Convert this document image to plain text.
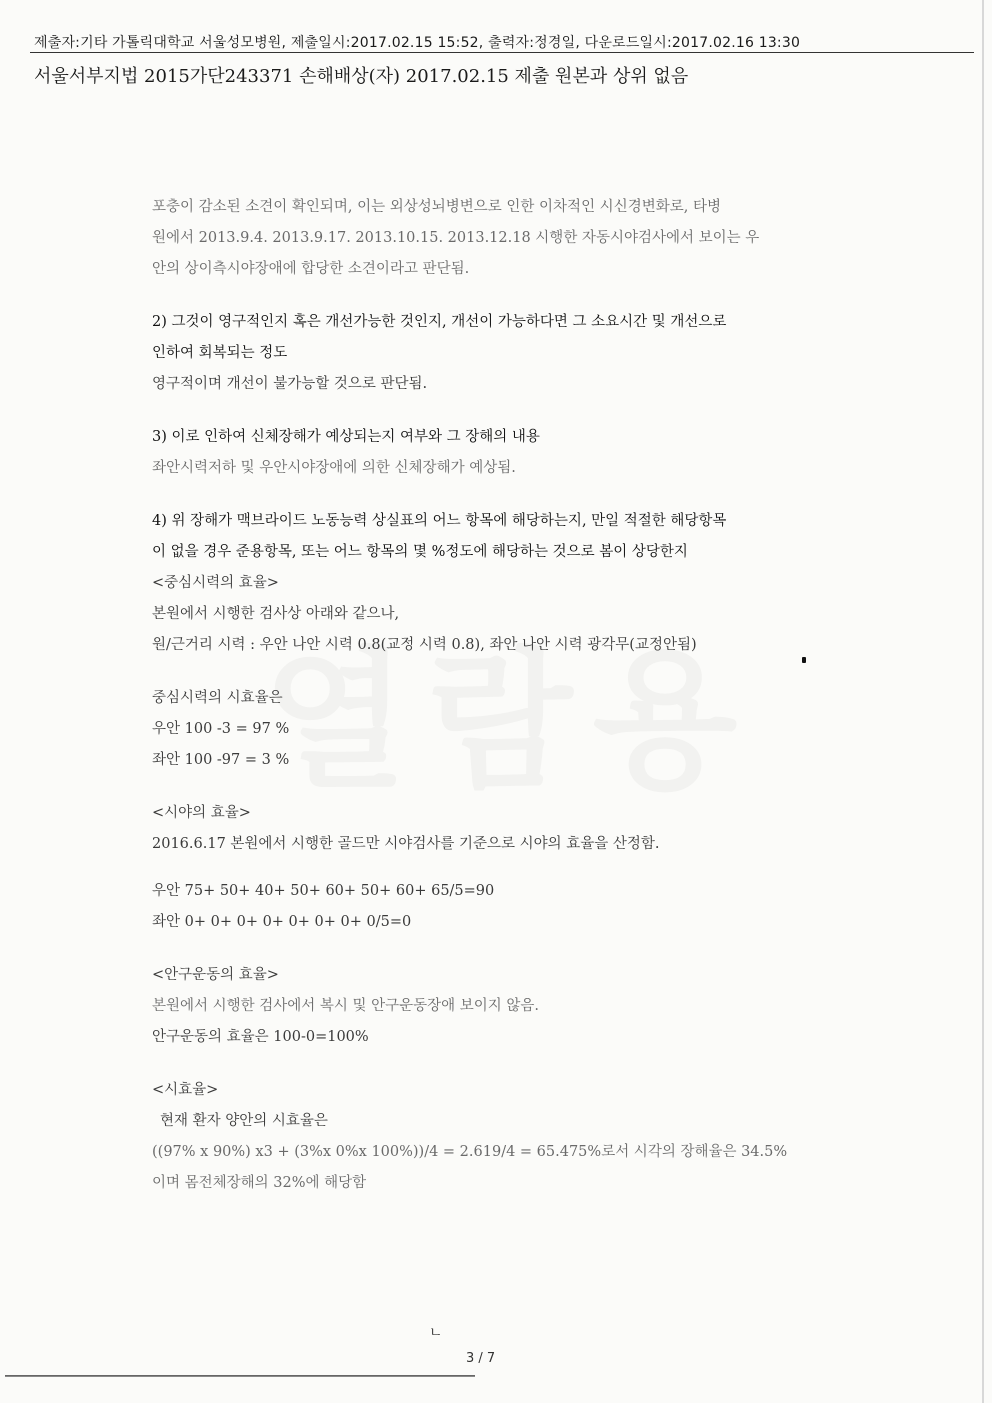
제출자:기타 가톨릭대학교 서울성모병원, 제출일시:2017.02.15 15:52, 출력자:정경일, 다운로드일시:2017.02.16 13:30
서울서부지법 2015가단243371 손해배상(자) 2017.02.15 제출 원본과 상위 없음
포충이 감소된 소견이 확인되며, 이는 외상성뇌병변으로 인한 이차적인 시신경변화로, 타병
원에서 2013.9.4. 2013.9.17. 2013.10.15. 2013.12.18 시행한 자동시야검사에서 보이는 우
안의 상이측시야장애에 합당한 소견이라고 판단됨.
2) 그것이 영구적인지 혹은 개선가능한 것인지, 개선이 가능하다면 그 소요시간 및 개선으로
인하여 회복되는 정도
영구적이며 개선이 불가능할 것으로 판단됨.
3) 이로 인하여 신체장해가 예상되는지 여부와 그 장해의 내용
좌안시력저하 및 우안시야장애에 의한 신체장해가 예상됨.
4) 위 장해가 맥브라이드 노동능력 상실표의 어느 항목에 해당하는지, 만일 적절한 해당항목
이 없을 경우 준용항목, 또는 어느 항목의 몇 %정도에 해당하는 것으로 봄이 상당한지
<중심시력의 효율>
본원에서 시행한 검사상 아래와 같으나,
원/근거리 시력 : 우안 나안 시력 0.8(교정 시력 0.8), 좌안 나안 시력 광각무(교정안됨)
중심시력의 시효율은
우안 100 -3 = 97 %
좌안 100 -97 = 3 %
<시야의 효율>
2016.6.17 본원에서 시행한 골드만 시야검사를 기준으로 시야의 효율을 산정함.
우안 75+ 50+ 40+ 50+ 60+ 50+ 60+ 65/5=90
좌안 0+ 0+ 0+ 0+ 0+ 0+ 0+ 0/5=0
<안구운동의 효율>
본원에서 시행한 검사에서 복시 및 안구운동장애 보이지 않음.
안구운동의 효율은 100-0=100%
<시효율>
현재 환자 양안의 시효율은
((97% x 90%) x3 + (3%x 0%x 100%))/4 = 2.619/4 = 65.475%로서 시각의 장해율은 34.5%
이며 몸전체장해의 32%에 해당함
ㄴ
3 / 7
